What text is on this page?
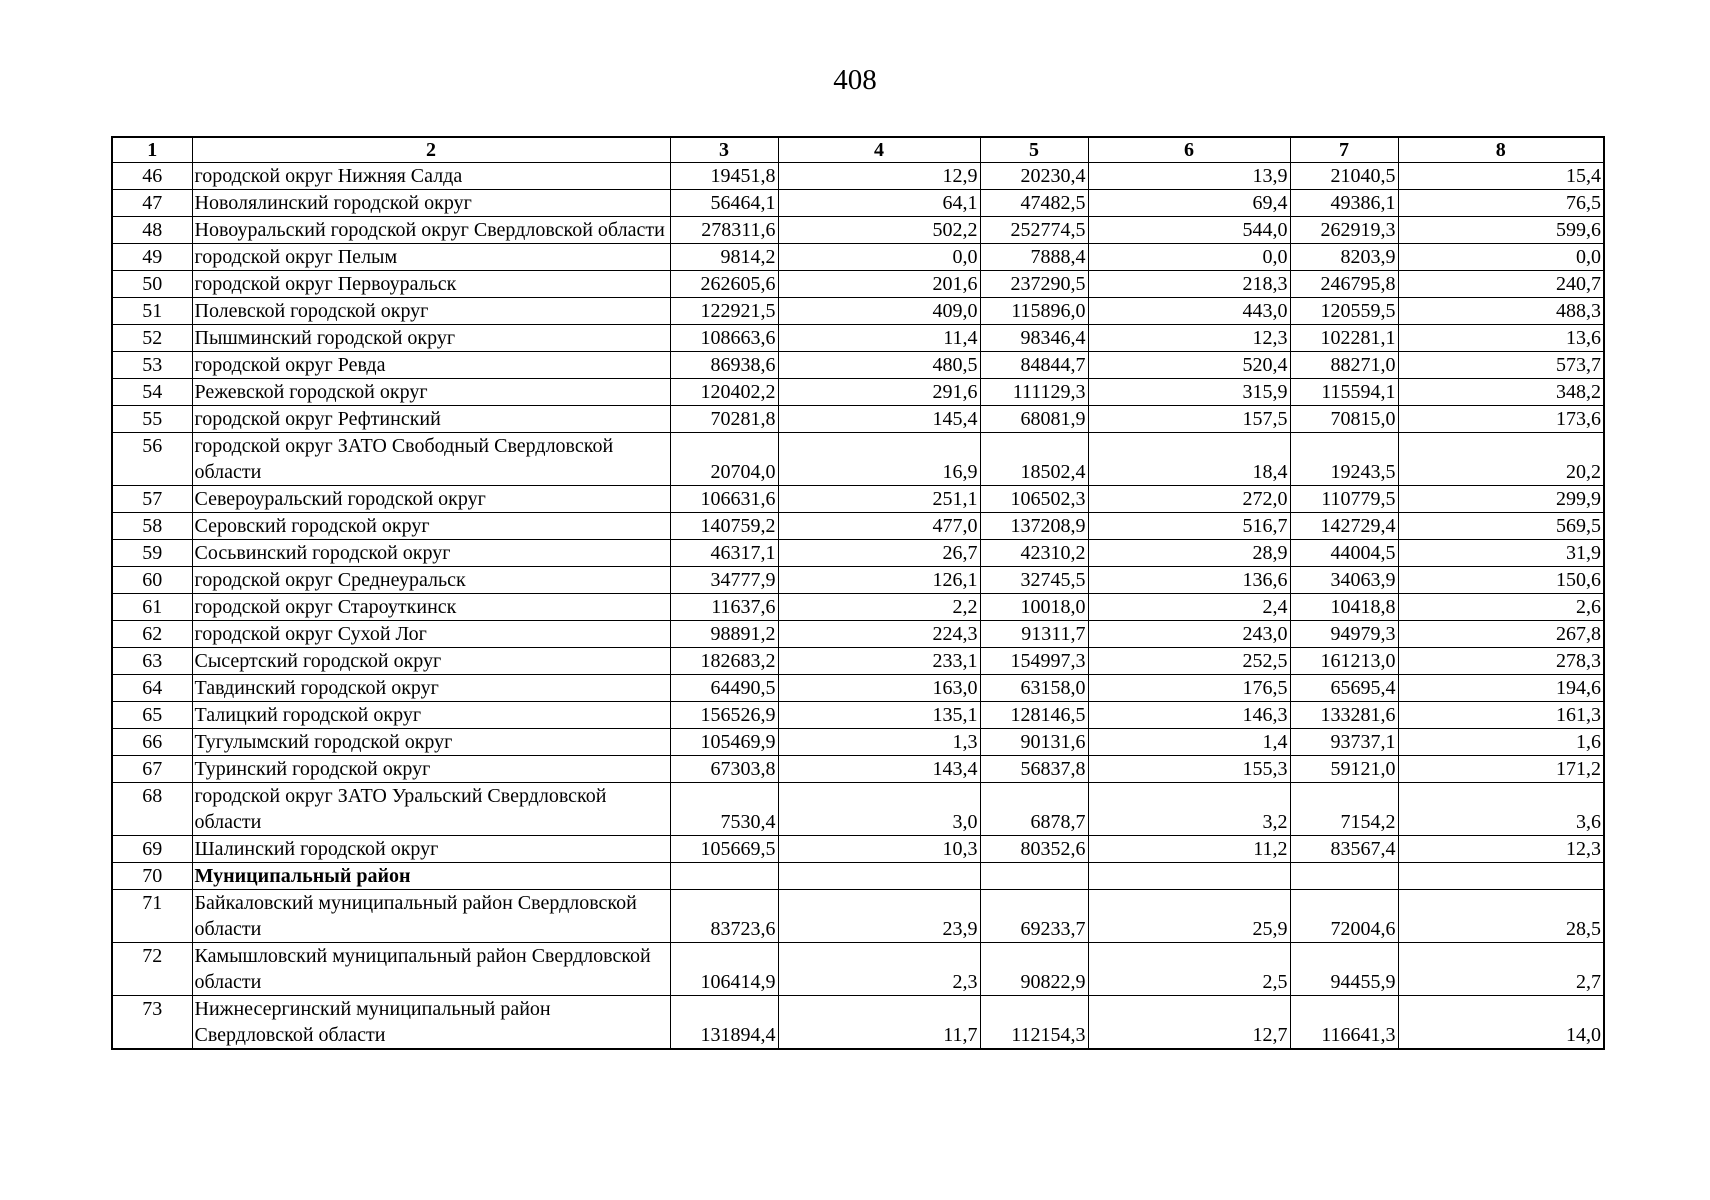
408
1	2	3	4	5	6	7	8
46	городской округ Нижняя Салда	19451,8	12,9	20230,4	13,9	21040,5	15,4
47	Новолялинский городской округ	56464,1	64,1	47482,5	69,4	49386,1	76,5
48	Новоуральский городской округ Свердловской области	278311,6	502,2	252774,5	544,0	262919,3	599,6
49	городской округ Пелым	9814,2	0,0	7888,4	0,0	8203,9	0,0
50	городской округ Первоуральск	262605,6	201,6	237290,5	218,3	246795,8	240,7
51	Полевской городской округ	122921,5	409,0	115896,0	443,0	120559,5	488,3
52	Пышминский городской округ	108663,6	11,4	98346,4	12,3	102281,1	13,6
53	городской округ Ревда	86938,6	480,5	84844,7	520,4	88271,0	573,7
54	Режевской городской округ	120402,2	291,6	111129,3	315,9	115594,1	348,2
55	городской округ Рефтинский	70281,8	145,4	68081,9	157,5	70815,0	173,6
56	городской округ ЗАТО Свободный Свердловской области	20704,0	16,9	18502,4	18,4	19243,5	20,2
57	Североуральский городской округ	106631,6	251,1	106502,3	272,0	110779,5	299,9
58	Серовский городской округ	140759,2	477,0	137208,9	516,7	142729,4	569,5
59	Сосьвинский городской округ	46317,1	26,7	42310,2	28,9	44004,5	31,9
60	городской округ Среднеуральск	34777,9	126,1	32745,5	136,6	34063,9	150,6
61	городской округ Староуткинск	11637,6	2,2	10018,0	2,4	10418,8	2,6
62	городской округ Сухой Лог	98891,2	224,3	91311,7	243,0	94979,3	267,8
63	Сысертский городской округ	182683,2	233,1	154997,3	252,5	161213,0	278,3
64	Тавдинский городской округ	64490,5	163,0	63158,0	176,5	65695,4	194,6
65	Талицкий городской округ	156526,9	135,1	128146,5	146,3	133281,6	161,3
66	Тугулымский городской округ	105469,9	1,3	90131,6	1,4	93737,1	1,6
67	Туринский городской округ	67303,8	143,4	56837,8	155,3	59121,0	171,2
68	городской округ ЗАТО Уральский Свердловской области	7530,4	3,0	6878,7	3,2	7154,2	3,6
69	Шалинский городской округ	105669,5	10,3	80352,6	11,2	83567,4	12,3
70	Муниципальный район						
71	Байкаловский муниципальный район Свердловской области	83723,6	23,9	69233,7	25,9	72004,6	28,5
72	Камышловский муниципальный район Свердловской области	106414,9	2,3	90822,9	2,5	94455,9	2,7
73	Нижнесергинский муниципальный район Свердловской области	131894,4	11,7	112154,3	12,7	116641,3	14,0
